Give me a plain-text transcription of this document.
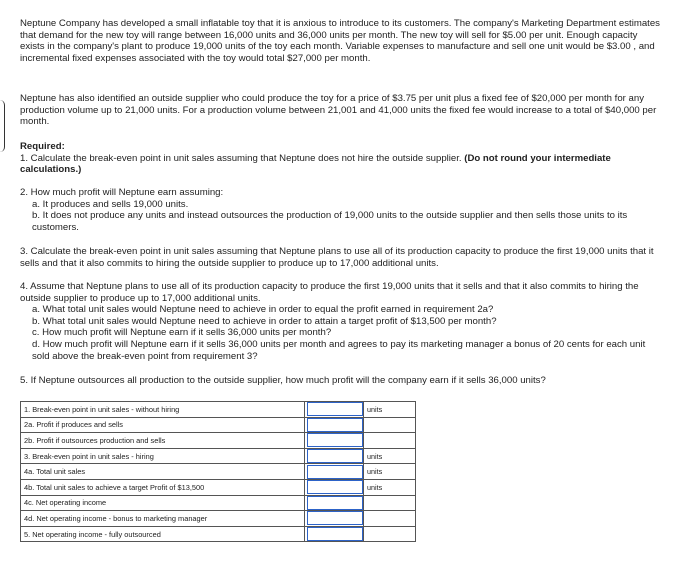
Neptune Company has developed a small inflatable toy that it is anxious to introduce to its customers. The company's Marketing Department estimates that demand for the new toy will range between 16,000 units and 36,000 units per month. The new toy will sell for $5.00 per unit. Enough capacity exists in the company's plant to produce 19,000 units of the toy each month. Variable expenses to manufacture and sell one unit would be $3.00 , and incremental fixed expenses associated with the toy would total $27,000 per month.

Neptune has also identified an outside supplier who could produce the toy for a price of $3.75 per unit plus a fixed fee of $20,000 per month for any production volume up to 21,000 units. For a production volume between 21,001 and 41,000 units the fixed fee would increase to a total of $40,000 per month.

Required:
1. Calculate the break-even point in unit sales assuming that Neptune does not hire the outside supplier. (Do not round your intermediate calculations.)
2. How much profit will Neptune earn assuming:
a. It produces and sells 19,000 units.
b. It does not produce any units and instead outsources the production of 19,000 units to the outside supplier and then sells those units to its customers.

3. Calculate the break-even point in unit sales assuming that Neptune plans to use all of its production capacity to produce the first 19,000 units that it sells and that it also commits to hiring the outside supplier to produce up to 17,000 additional units.

4. Assume that Neptune plans to use all of its production capacity to produce the first 19,000 units that it sells and that it also commits to hiring the outside supplier to produce up to 17,000 additional units.
a. What total unit sales would Neptune need to achieve in order to equal the profit earned in requirement 2a?
b. What total unit sales would Neptune need to achieve in order to attain a target profit of $13,500 per month?
c. How much profit will Neptune earn if it sells 36,000 units per month?
d. How much profit will Neptune earn if it sells 36,000 units per month and agrees to pay its marketing manager a bonus of 20 cents for each unit sold above the break-even point from requirement 3?

5. If Neptune outsources all production to the outside supplier, how much profit will the company earn if it sells 36,000 units?

1. Break-even point in unit sales - without hiring		units
2a. Profit if produces and sells	

2b. Profit if outsources production and sells	

3. Break-even point in unit sales - hiring		units
4a. Total unit sales		units
4b. Total unit sales to achieve a target Profit of $13,500		units
4c. Net operating income	

4d. Net operating income - bonus to marketing manager	

5. Net operating income - fully outsourced	
